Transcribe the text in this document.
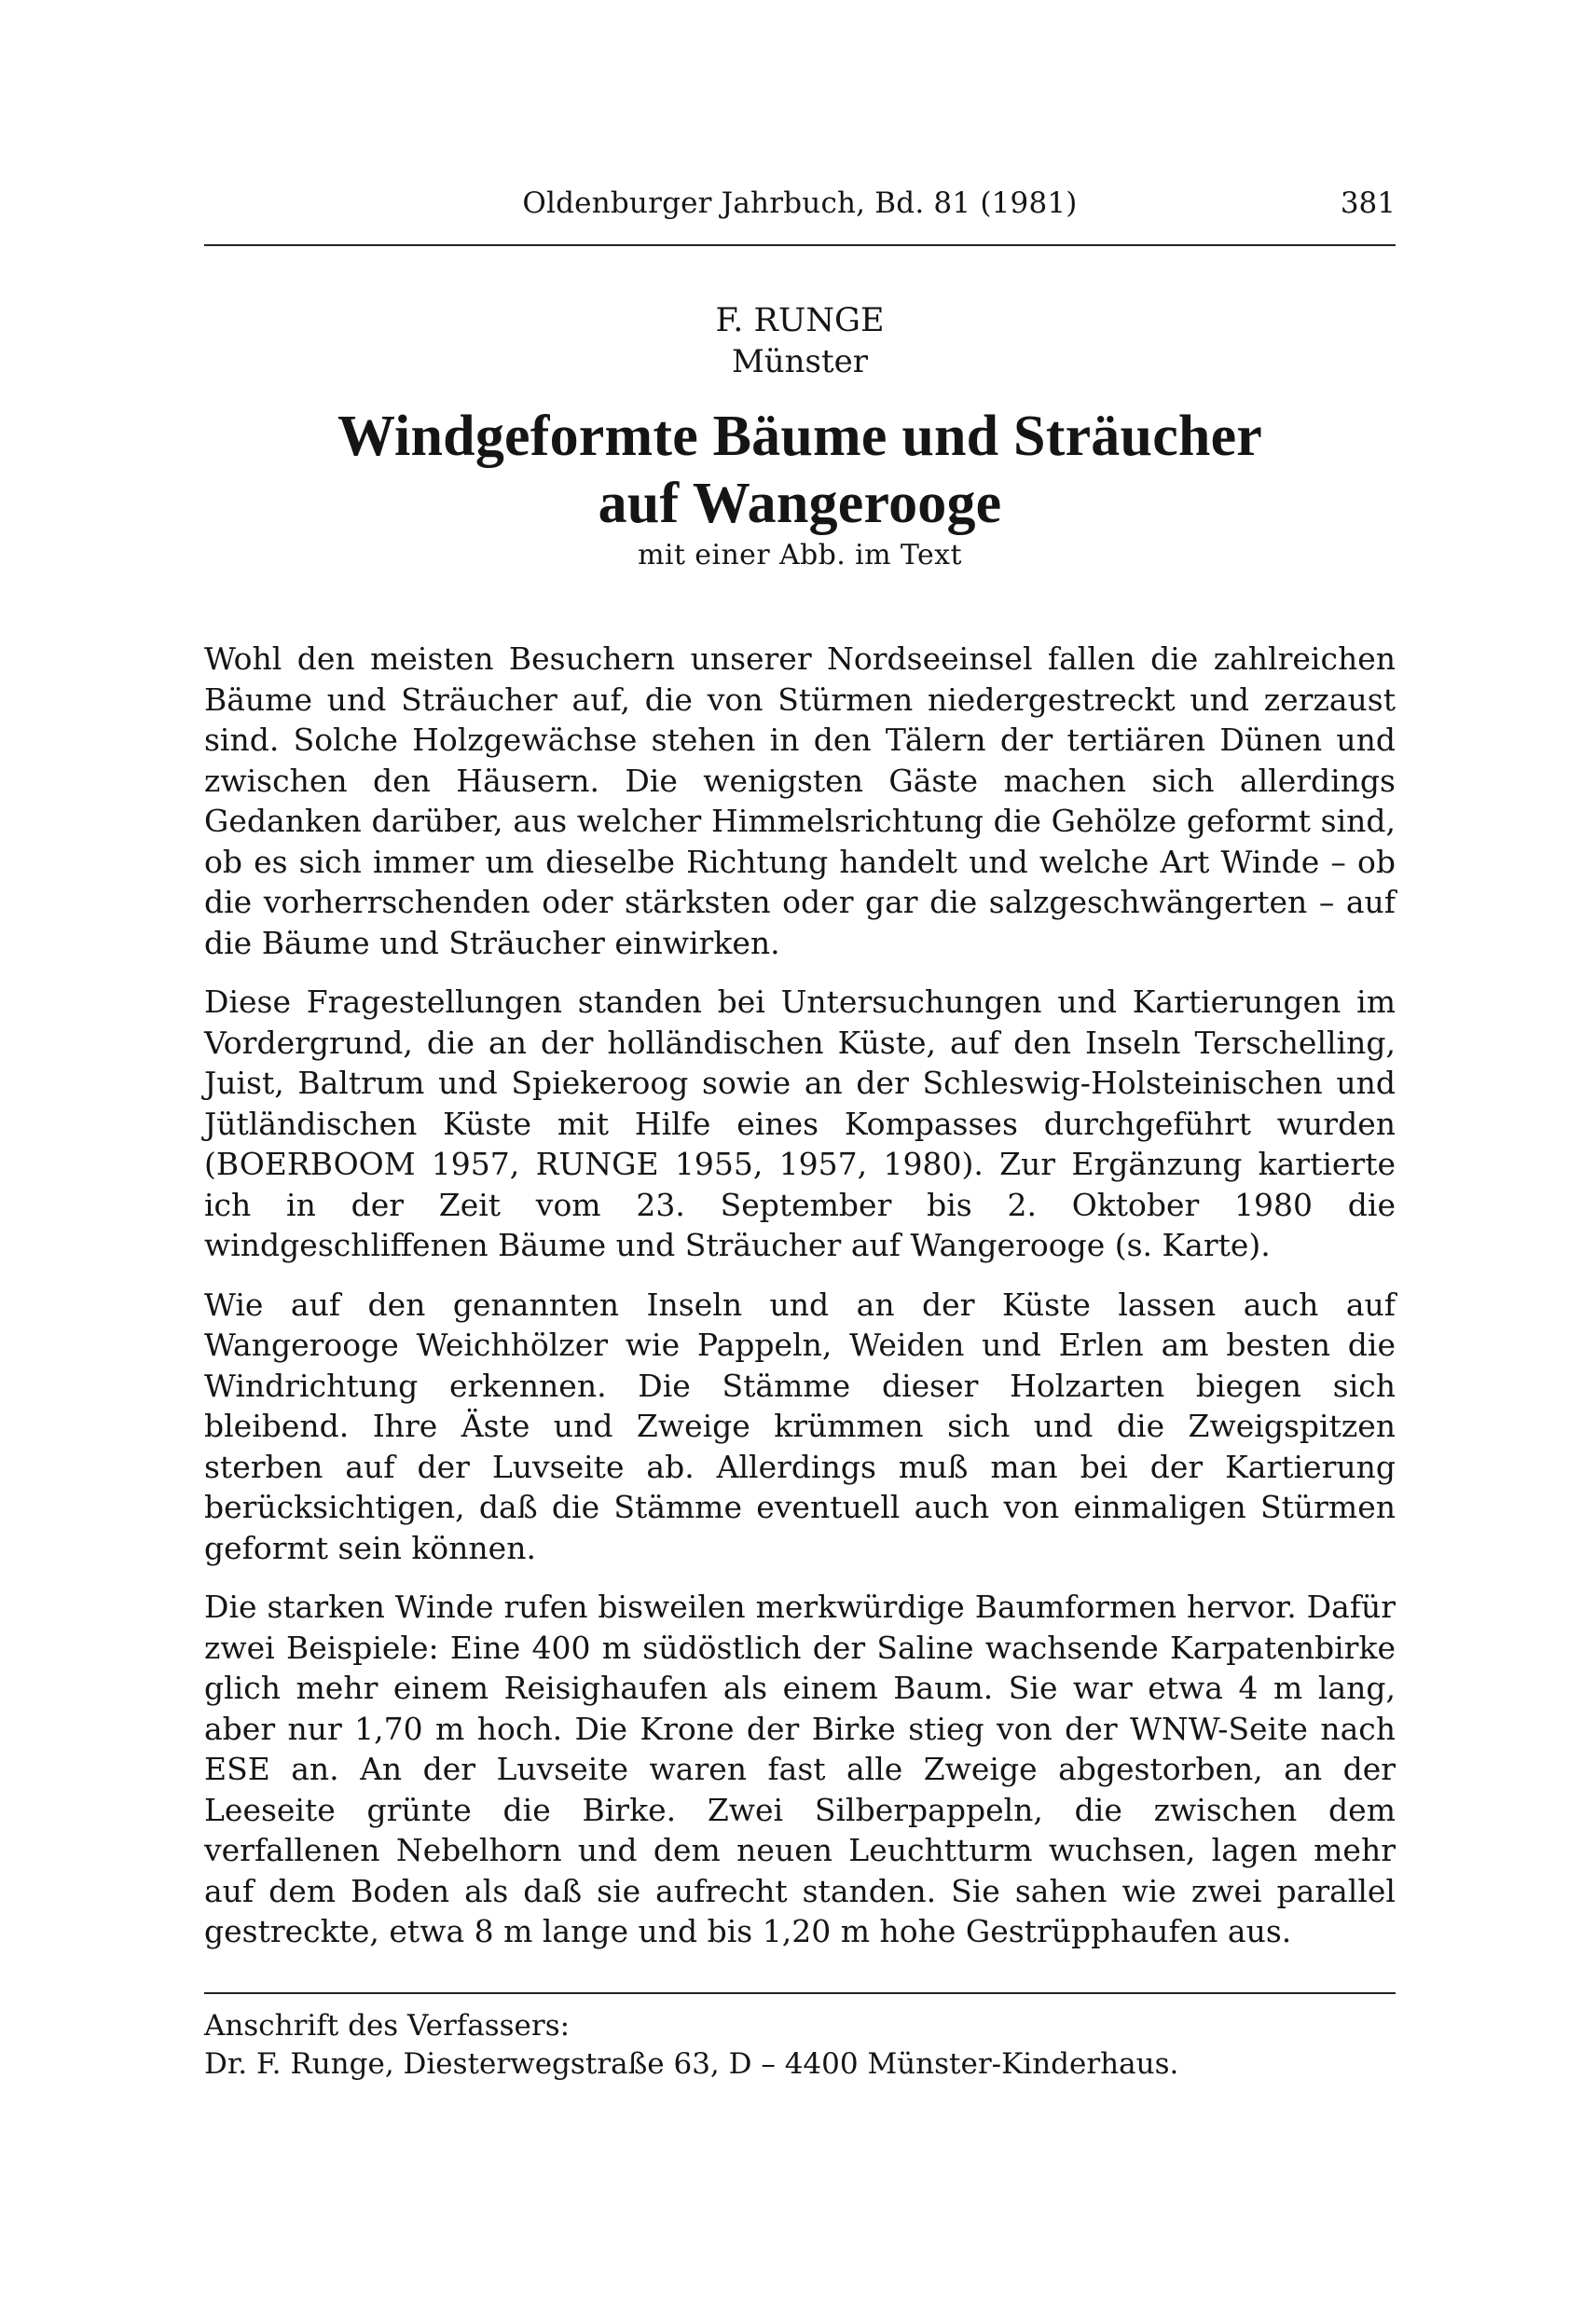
Oldenburger Jahrbuch, Bd. 81 (1981)	381
F. RUNGE
Münster
Windgeformte Bäume und Sträucher
auf Wangerooge
mit einer Abb. im Text

Wohl den meisten Besuchern unserer Nordseeinsel fallen die zahlreichen Bäume und Sträucher auf, die von Stürmen niedergestreckt und zerzaust sind. Solche Holzgewächse stehen in den Tälern der tertiären Dünen und zwischen den Häusern. Die wenigsten Gäste machen sich allerdings Gedanken darüber, aus welcher Himmelsrichtung die Gehölze geformt sind, ob es sich immer um dieselbe Richtung handelt und welche Art Winde – ob die vorherrschenden oder stärksten oder gar die salzgeschwängerten – auf die Bäume und Sträucher einwirken.

Diese Fragestellungen standen bei Untersuchungen und Kartierungen im Vordergrund, die an der holländischen Küste, auf den Inseln Terschelling, Juist, Baltrum und Spiekeroog sowie an der Schleswig-Holsteinischen und Jütländischen Küste mit Hilfe eines Kompasses durchgeführt wurden (BOERBOOM 1957, RUNGE 1955, 1957, 1980). Zur Ergänzung kartierte ich in der Zeit vom 23. September bis 2. Oktober 1980 die windgeschliffenen Bäume und Sträucher auf Wangerooge (s. Karte).

Wie auf den genannten Inseln und an der Küste lassen auch auf Wangerooge Weichhölzer wie Pappeln, Weiden und Erlen am besten die Windrichtung erkennen. Die Stämme dieser Holzarten biegen sich bleibend. Ihre Äste und Zweige krümmen sich und die Zweigspitzen sterben auf der Luvseite ab. Allerdings muß man bei der Kartierung berücksichtigen, daß die Stämme eventuell auch von einmaligen Stürmen geformt sein können.

Die starken Winde rufen bisweilen merkwürdige Baumformen hervor. Dafür zwei Beispiele: Eine 400 m südöstlich der Saline wachsende Karpatenbirke glich mehr einem Reisighaufen als einem Baum. Sie war etwa 4 m lang, aber nur 1,70 m hoch. Die Krone der Birke stieg von der WNW-Seite nach ESE an. An der Luvseite waren fast alle Zweige abgestorben, an der Leeseite grünte die Birke. Zwei Silberpappeln, die zwischen dem verfallenen Nebelhorn und dem neuen Leuchtturm wuchsen, lagen mehr auf dem Boden als daß sie aufrecht standen. Sie sahen wie zwei parallel gestreckte, etwa 8 m lange und bis 1,20 m hohe Gestrüpphaufen aus.

Anschrift des Verfassers:
Dr. F. Runge, Diesterwegstraße 63, D – 4400 Münster-Kinderhaus.
